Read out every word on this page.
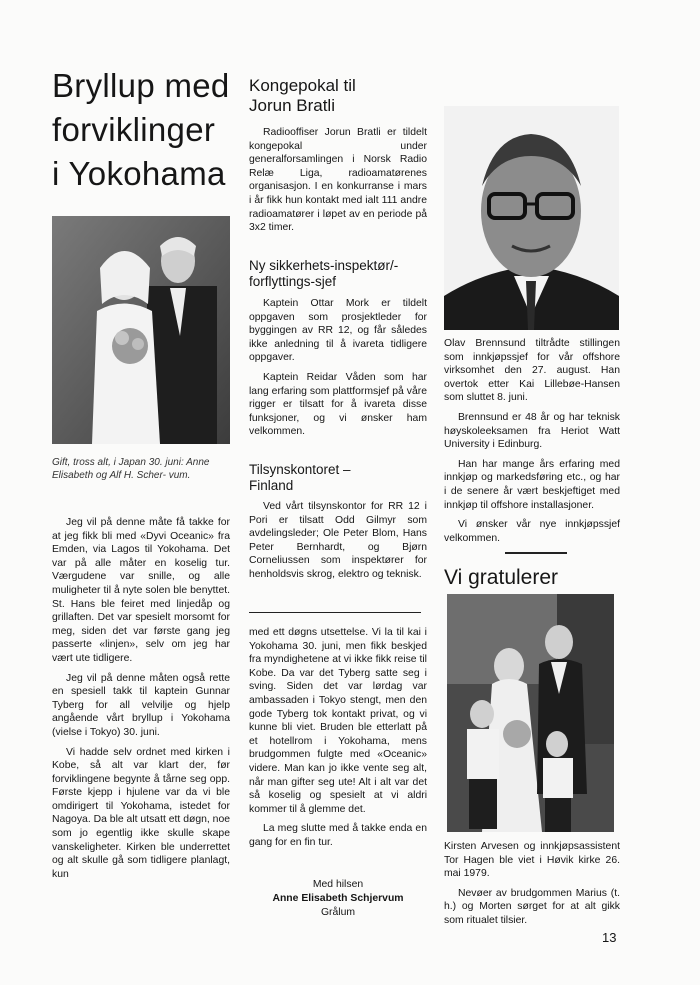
Bryllup med
forviklinger
i Yokohama
Gift, tross alt, i Japan 30. juni: Anne Elisabeth og Alf H. Scher- vum.

Jeg vil på denne måte få takke for at jeg fikk bli med «Dyvi Oceanic» fra Emden, via Lagos til Yokohama. Det var på alle måter en koselig tur. Værgudene var snille, og alle muligheter til å nyte solen ble benyttet. St. Hans ble feiret med linjedåp og grillaften. Det var spesielt morsomt for meg, siden det var første gang jeg passerte «linjen», selv om jeg har vært ute tidligere.

Jeg vil på denne måten også rette en spesiell takk til kaptein Gunnar Tyberg for all velvilje og hjelp angående vårt bryllup i Yokohama (vielse i Tokyo) 30. juni.

Vi hadde selv ordnet med kirken i Kobe, så alt var klart der, før forviklingene begynte å tårne seg opp. Første kjepp i hjulene var da vi ble omdirigert til Yokohama, istedet for Nagoya. Da ble alt utsatt ett døgn, noe som jo egentlig ikke skulle skape vanskeligheter. Kirken ble underrettet og alt skulle gå som tidligere planlagt, kun

Kongepokal til
Jorun Bratli

Radiooffiser Jorun Bratli er tildelt kongepokal under generalforsamlingen i Norsk Radio Relæ Liga, radioamatørenes organisasjon. I en konkurranse i mars i år fikk hun kontakt med ialt 111 andre radioamatører i løpet av en periode på 3x2 timer.

Ny sikkerhets-inspektør/-
forflyttings-sjef

Kaptein Ottar Mork er tildelt oppgaven som prosjektleder for byggingen av RR 12, og får således ikke anledning til å ivareta tidligere oppgaver.

Kaptein Reidar Våden som har lang erfaring som plattformsjef på våre rigger er tilsatt for å ivareta disse funksjoner, og vi ønsker ham velkommen.

Tilsynskontoret –
Finland

Ved vårt tilsynskontor for RR 12 i Pori er tilsatt Odd Gilmyr som avdelingsleder; Ole Peter Blom, Hans Peter Bernhardt, og Bjørn Corneliussen som inspektører for henholdsvis skrog, elektro og teknisk.

med ett døgns utsettelse. Vi la til kai i Yokohama 30. juni, men fikk beskjed fra myndighetene at vi ikke fikk reise til Kobe. Da var det Tyberg satte seg i sving. Siden det var lørdag var ambassaden i Tokyo stengt, men den gode Tyberg tok kontakt privat, og vi kunne bli viet. Bruden ble etterlatt på et hotellrom i Yokohama, mens brudgommen fulgte med «Oceanic» videre. Man kan jo ikke vente seg alt, når man gifter seg ute! Alt i alt var det så koselig og spesielt at vi aldri kommer til å glemme det.

La meg slutte med å takke enda en gang for en fin tur.

Med hilsen
Anne Elisabeth Schjervum
Grålum

Olav Brennsund tiltrådte stillingen som innkjøpssjef for vår offshore virksomhet den 27. august. Han overtok etter Kai Lillebøe-Hansen som sluttet 8. juni.

Brennsund er 48 år og har teknisk høyskoleeksamen fra Heriot Watt University i Edinburg.

Han har mange års erfaring med innkjøp og markedsføring etc., og har i de senere år vært beskjeftiget med innkjøp til offshore installasjoner.

Vi ønsker vår nye innkjøpssjef velkommen.

Vi gratulerer

Kirsten Arvesen og innkjøpsassistent Tor Hagen ble viet i Høvik kirke 26. mai 1979.

Nevøer av brudgommen Marius (t. h.) og Morten sørget for at alt gikk som ritualet tilsier.

13
